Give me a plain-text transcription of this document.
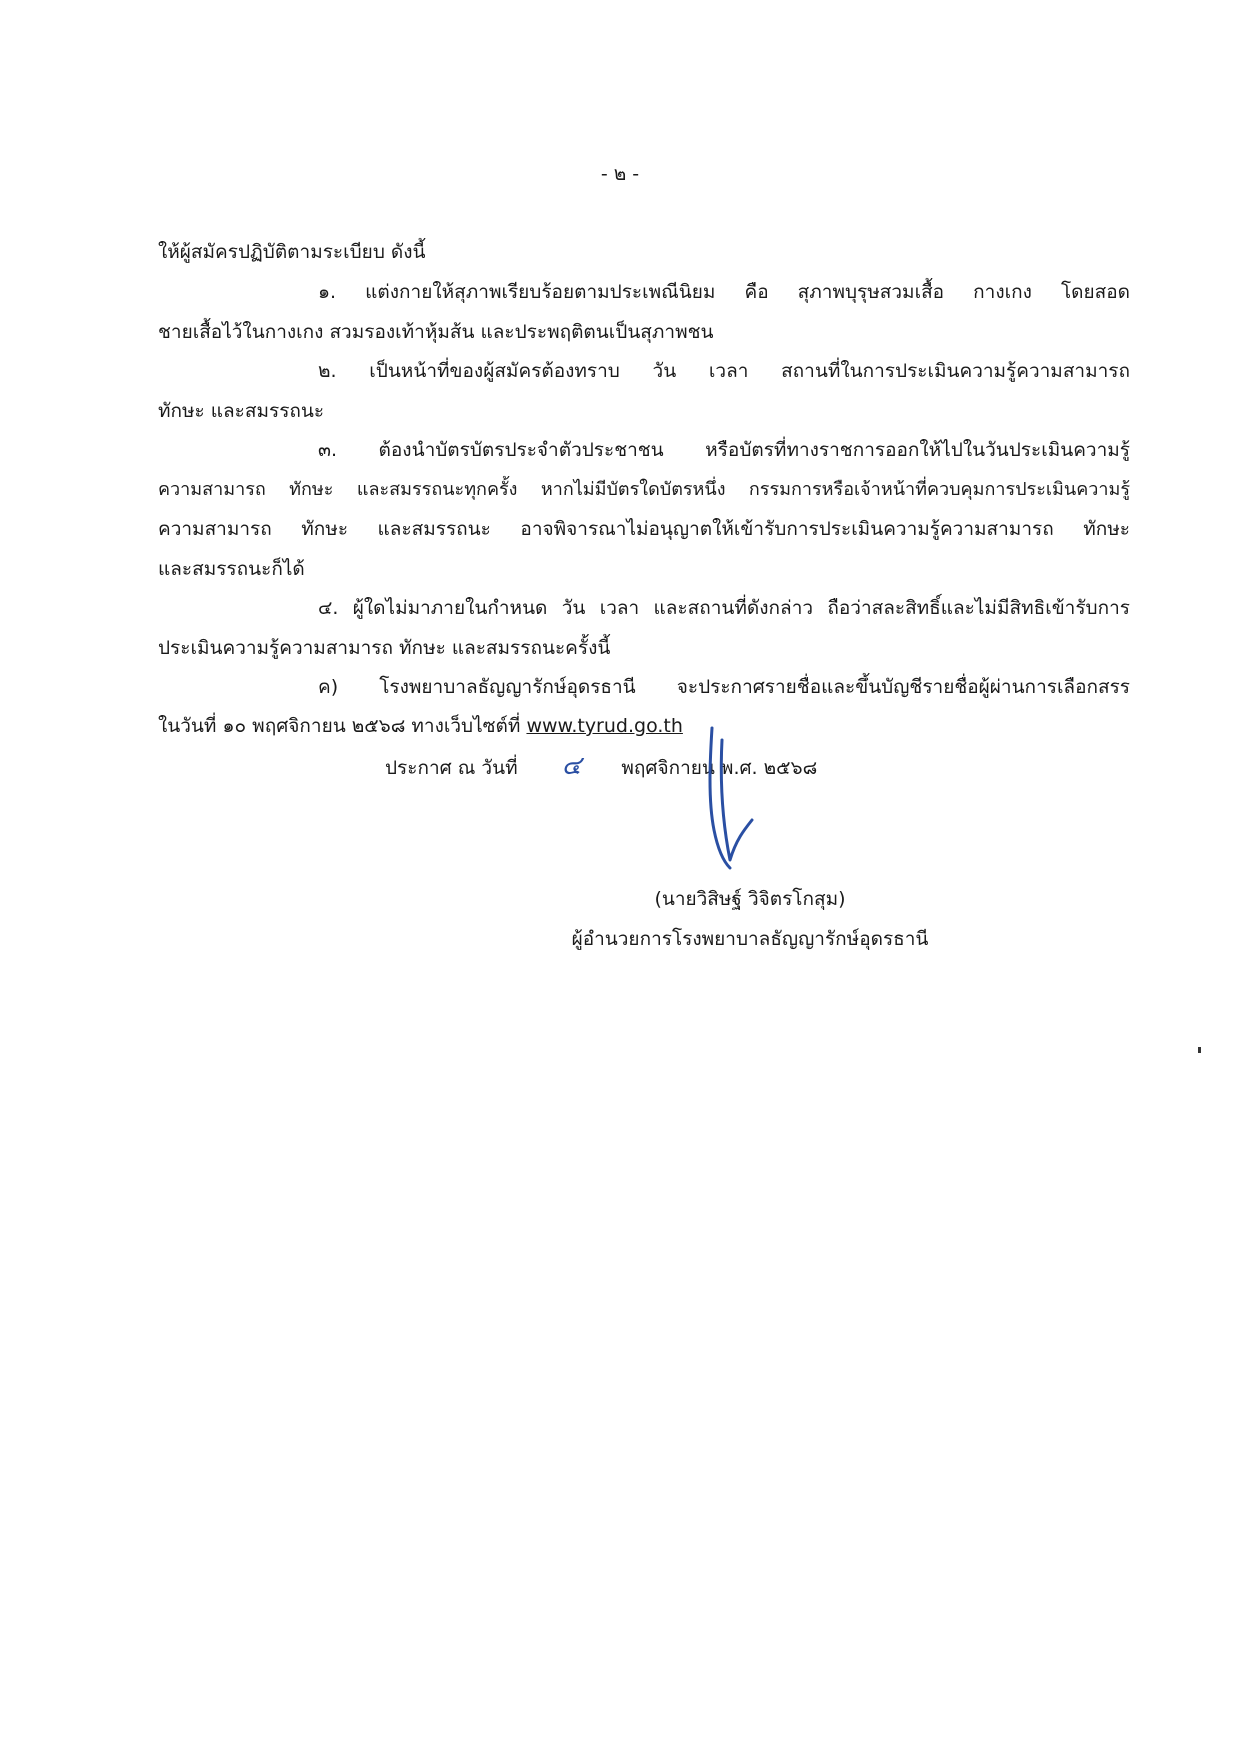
- ๒ -
ให้ผู้สมัครปฏิบัติตามระเบียบ ดังนี้
๑. แต่งกายให้สุภาพเรียบร้อยตามประเพณีนิยม คือ สุภาพบุรุษสวมเสื้อ กางเกง โดยสอด
ชายเสื้อไว้ในกางเกง สวมรองเท้าหุ้มส้น และประพฤติตนเป็นสุภาพชน
๒. เป็นหน้าที่ของผู้สมัครต้องทราบ วัน เวลา สถานที่ในการประเมินความรู้ความสามารถ
ทักษะ และสมรรถนะ
๓. ต้องนำบัตรบัตรประจำตัวประชาชน หรือบัตรที่ทางราชการออกให้ไปในวันประเมินความรู้
ความสามารถ ทักษะ และสมรรถนะทุกครั้ง หากไม่มีบัตรใดบัตรหนึ่ง กรรมการหรือเจ้าหน้าที่ควบคุมการประเมินความรู้
ความสามารถ ทักษะ และสมรรถนะ อาจพิจารณาไม่อนุญาตให้เข้ารับการประเมินความรู้ความสามารถ ทักษะ
และสมรรถนะก็ได้
๔. ผู้ใดไม่มาภายในกำหนด วัน เวลา และสถานที่ดังกล่าว ถือว่าสละสิทธิ์และไม่มีสิทธิเข้ารับการ
ประเมินความรู้ความสามารถ ทักษะ และสมรรถนะครั้งนี้
ค) โรงพยาบาลธัญญารักษ์อุดรธานี จะประกาศรายชื่อและขึ้นบัญชีรายชื่อผู้ผ่านการเลือกสรร
ในวันที่ ๑๐ พฤศจิกายน ๒๕๖๘ ทางเว็บไซต์ที่ www.tyrud.go.th
ประกาศ ณ วันที่ ๔ พฤศจิกายน พ.ศ. ๒๕๖๘
(นายวิสิษฐ์ วิจิตรโกสุม)
ผู้อำนวยการโรงพยาบาลธัญญารักษ์อุดรธานี
